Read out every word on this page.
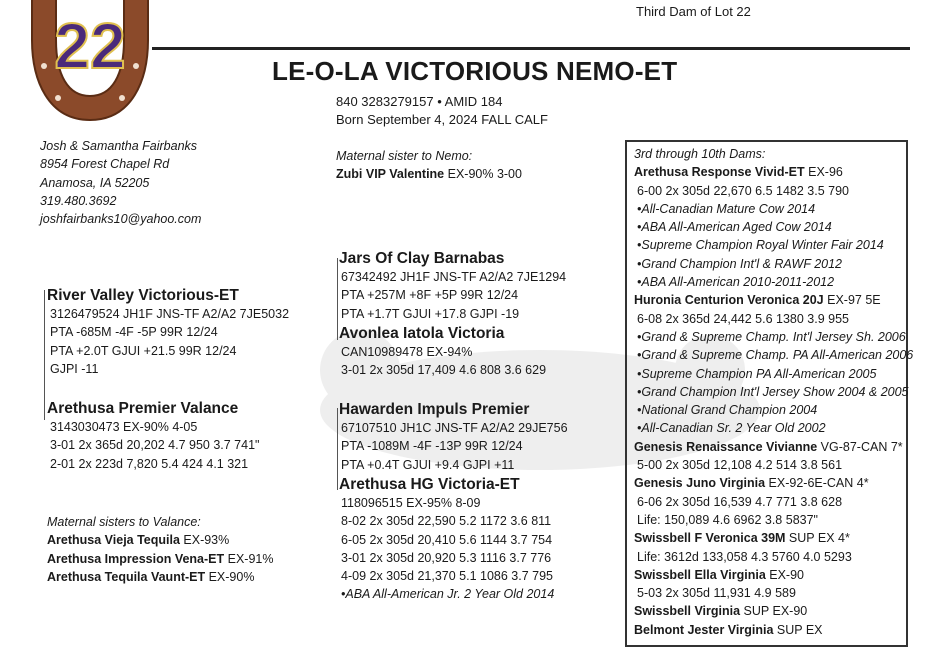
22	Third Dam of Lot 22
LE-O-LA VICTORIOUS NEMO-ET
840 3283279157 • AMID 184
Born September 4, 2024 FALL CALF
Josh & Samantha Fairbanks
8954 Forest Chapel Rd
Anamosa, IA 52205
319.480.3692
joshfairbanks10@yahoo.com
Maternal sister to Nemo:
Zubi VIP Valentine EX-90% 3-00
River Valley Victorious-ET
3126479524 JH1F JNS-TF A2/A2 7JE5032
PTA -685M -4F -5P 99R 12/24
PTA +2.0T GJUI +21.5 99R 12/24
GJPI -11
Arethusa Premier Valance
3143030473 EX-90% 4-05
3-01 2x 365d 20,202 4.7 950 3.7 741"
2-01 2x 223d 7,820 5.4 424 4.1 321
Maternal sisters to Valance:
Arethusa Vieja Tequila EX-93%
Arethusa Impression Vena-ET EX-91%
Arethusa Tequila Vaunt-ET EX-90%
Jars Of Clay Barnabas
67342492 JH1F JNS-TF A2/A2 7JE1294
PTA +257M +8F +5P 99R 12/24
PTA +1.7T GJUI +17.8 GJPI -19
Avonlea Iatola Victoria
CAN10989478 EX-94%
3-01 2x 305d 17,409 4.6 808 3.6 629
Hawarden Impuls Premier
67107510 JH1C JNS-TF A2/A2 29JE756
PTA -1089M -4F -13P 99R 12/24
PTA +0.4T GJUI +9.4 GJPI +11
Arethusa HG Victoria-ET
118096515 EX-95% 8-09
8-02 2x 305d 22,590 5.2 1172 3.6 811
6-05 2x 305d 20,410 5.6 1144 3.7 754
3-01 2x 305d 20,920 5.3 1116 3.7 776
4-09 2x 305d 21,370 5.1 1086 3.7 795
•ABA All-American Jr. 2 Year Old 2014
3rd through 10th Dams:
Arethusa Response Vivid-ET EX-96
6-00 2x 305d 22,670 6.5 1482 3.5 790
•All-Canadian Mature Cow 2014
•ABA All-American Aged Cow 2014
•Supreme Champion Royal Winter Fair 2014
•Grand Champion Int'l & RAWF 2012
•ABA All-American 2010-2011-2012
Huronia Centurion Veronica 20J EX-97 5E
6-08 2x 365d 24,442 5.6 1380 3.9 955
•Grand & Supreme Champ. Int'l Jersey Sh. 2006
•Grand & Supreme Champ. PA All-American 2006
•Supreme Champion PA All-American 2005
•Grand Champion Int'l Jersey Show 2004 & 2005
•National Grand Champion 2004
•All-Canadian Sr. 2 Year Old 2002
Genesis Renaissance Vivianne VG-87-CAN 7*
5-00 2x 305d 12,108 4.2 514 3.8 561
Genesis Juno Virginia EX-92-6E-CAN 4*
6-06 2x 305d 16,539 4.7 771 3.8 628
Life: 150,089 4.6 6962 3.8 5837"
Swissbell F Veronica 39M SUP EX 4*
Life: 3612d 133,058 4.3 5760 4.0 5293
Swissbell Ella Virginia EX-90
5-03 2x 305d 11,931 4.9 589
Swissbell Virginia SUP EX-90
Belmont Jester Virginia SUP EX
